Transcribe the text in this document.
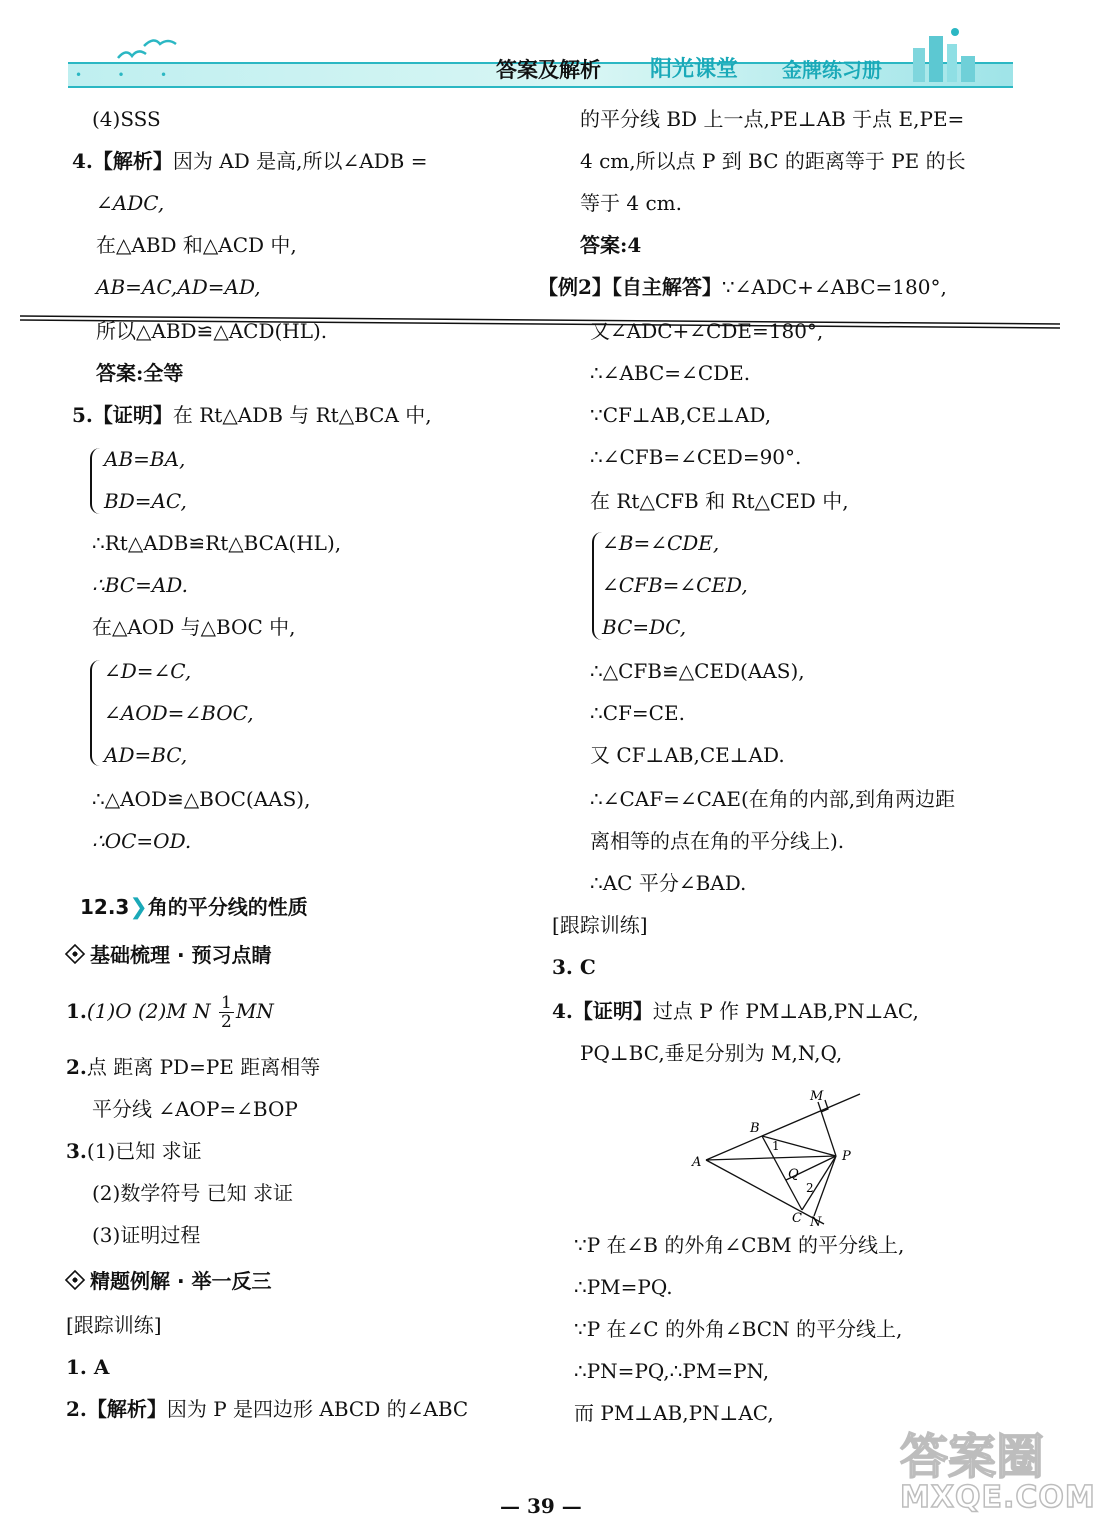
•   •   •	答案及解析 阳光课堂 金牌练习册
(4)SSS
4.【解析】因为 AD 是高,所以∠ADB =
∠ADC,
在△ABD 和△ACD 中,
AB=AC,AD=AD,
所以△ABD≌△ACD(HL).
答案:全等
5.【证明】在 Rt△ADB 与 Rt△BCA 中,
AB=BA,
BD=AC,
∴Rt△ADB≌Rt△BCA(HL),
∴BC=AD.
在△AOD 与△BOC 中,
∠D=∠C,
∠AOD=∠BOC,
AD=BC,
∴△AOD≌△BOC(AAS),
∴OC=OD.
12.3❯角的平分线的性质
基础梳理 · 预习点睛
1.(1)O (2)M N $\frac{1}{2}$ MN
2.点 距离 PD=PE 距离相等
平分线 ∠AOP=∠BOP
3.(1)已知 求证
(2)数学符号 已知 求证
(3)证明过程
精题例解 · 举一反三
[跟踪训练]
1. A
2.【解析】因为 P 是四边形 ABCD 的∠ABC
的平分线 BD 上一点,PE⊥AB 于点 E,PE=
4 cm,所以点 P 到 BC 的距离等于 PE 的长
等于 4 cm.
答案:4
【例2】【自主解答】∵∠ADC+∠ABC=180°,
又∠ADC+∠CDE=180°,
∴∠ABC=∠CDE.
∵CF⊥AB,CE⊥AD,
∴∠CFB=∠CED=90°.
在 Rt△CFB 和 Rt△CED 中,
∠B=∠CDE,
∠CFB=∠CED,
BC=DC,
∴△CFB≌△CED(AAS),
∴CF=CE.
又 CF⊥AB,CE⊥AD.
∴∠CAF=∠CAE(在角的内部,到角两边距
离相等的点在角的平分线上).
∴AC 平分∠BAD.
[跟踪训练]
3. C
4.【证明】过点 P 作 PM⊥AB,PN⊥AC,
PQ⊥BC,垂足分别为 M,N,Q,
∵P 在∠B 的外角∠CBM 的平分线上,
∴PM=PQ.
∵P 在∠C 的外角∠BCN 的平分线上,
∴PN=PQ,∴PM=PN,
而 PM⊥AB,PN⊥AC,
A
B
C
P
M
N
Q
1
2
— 39 —
答案圈
MXQE.COM
